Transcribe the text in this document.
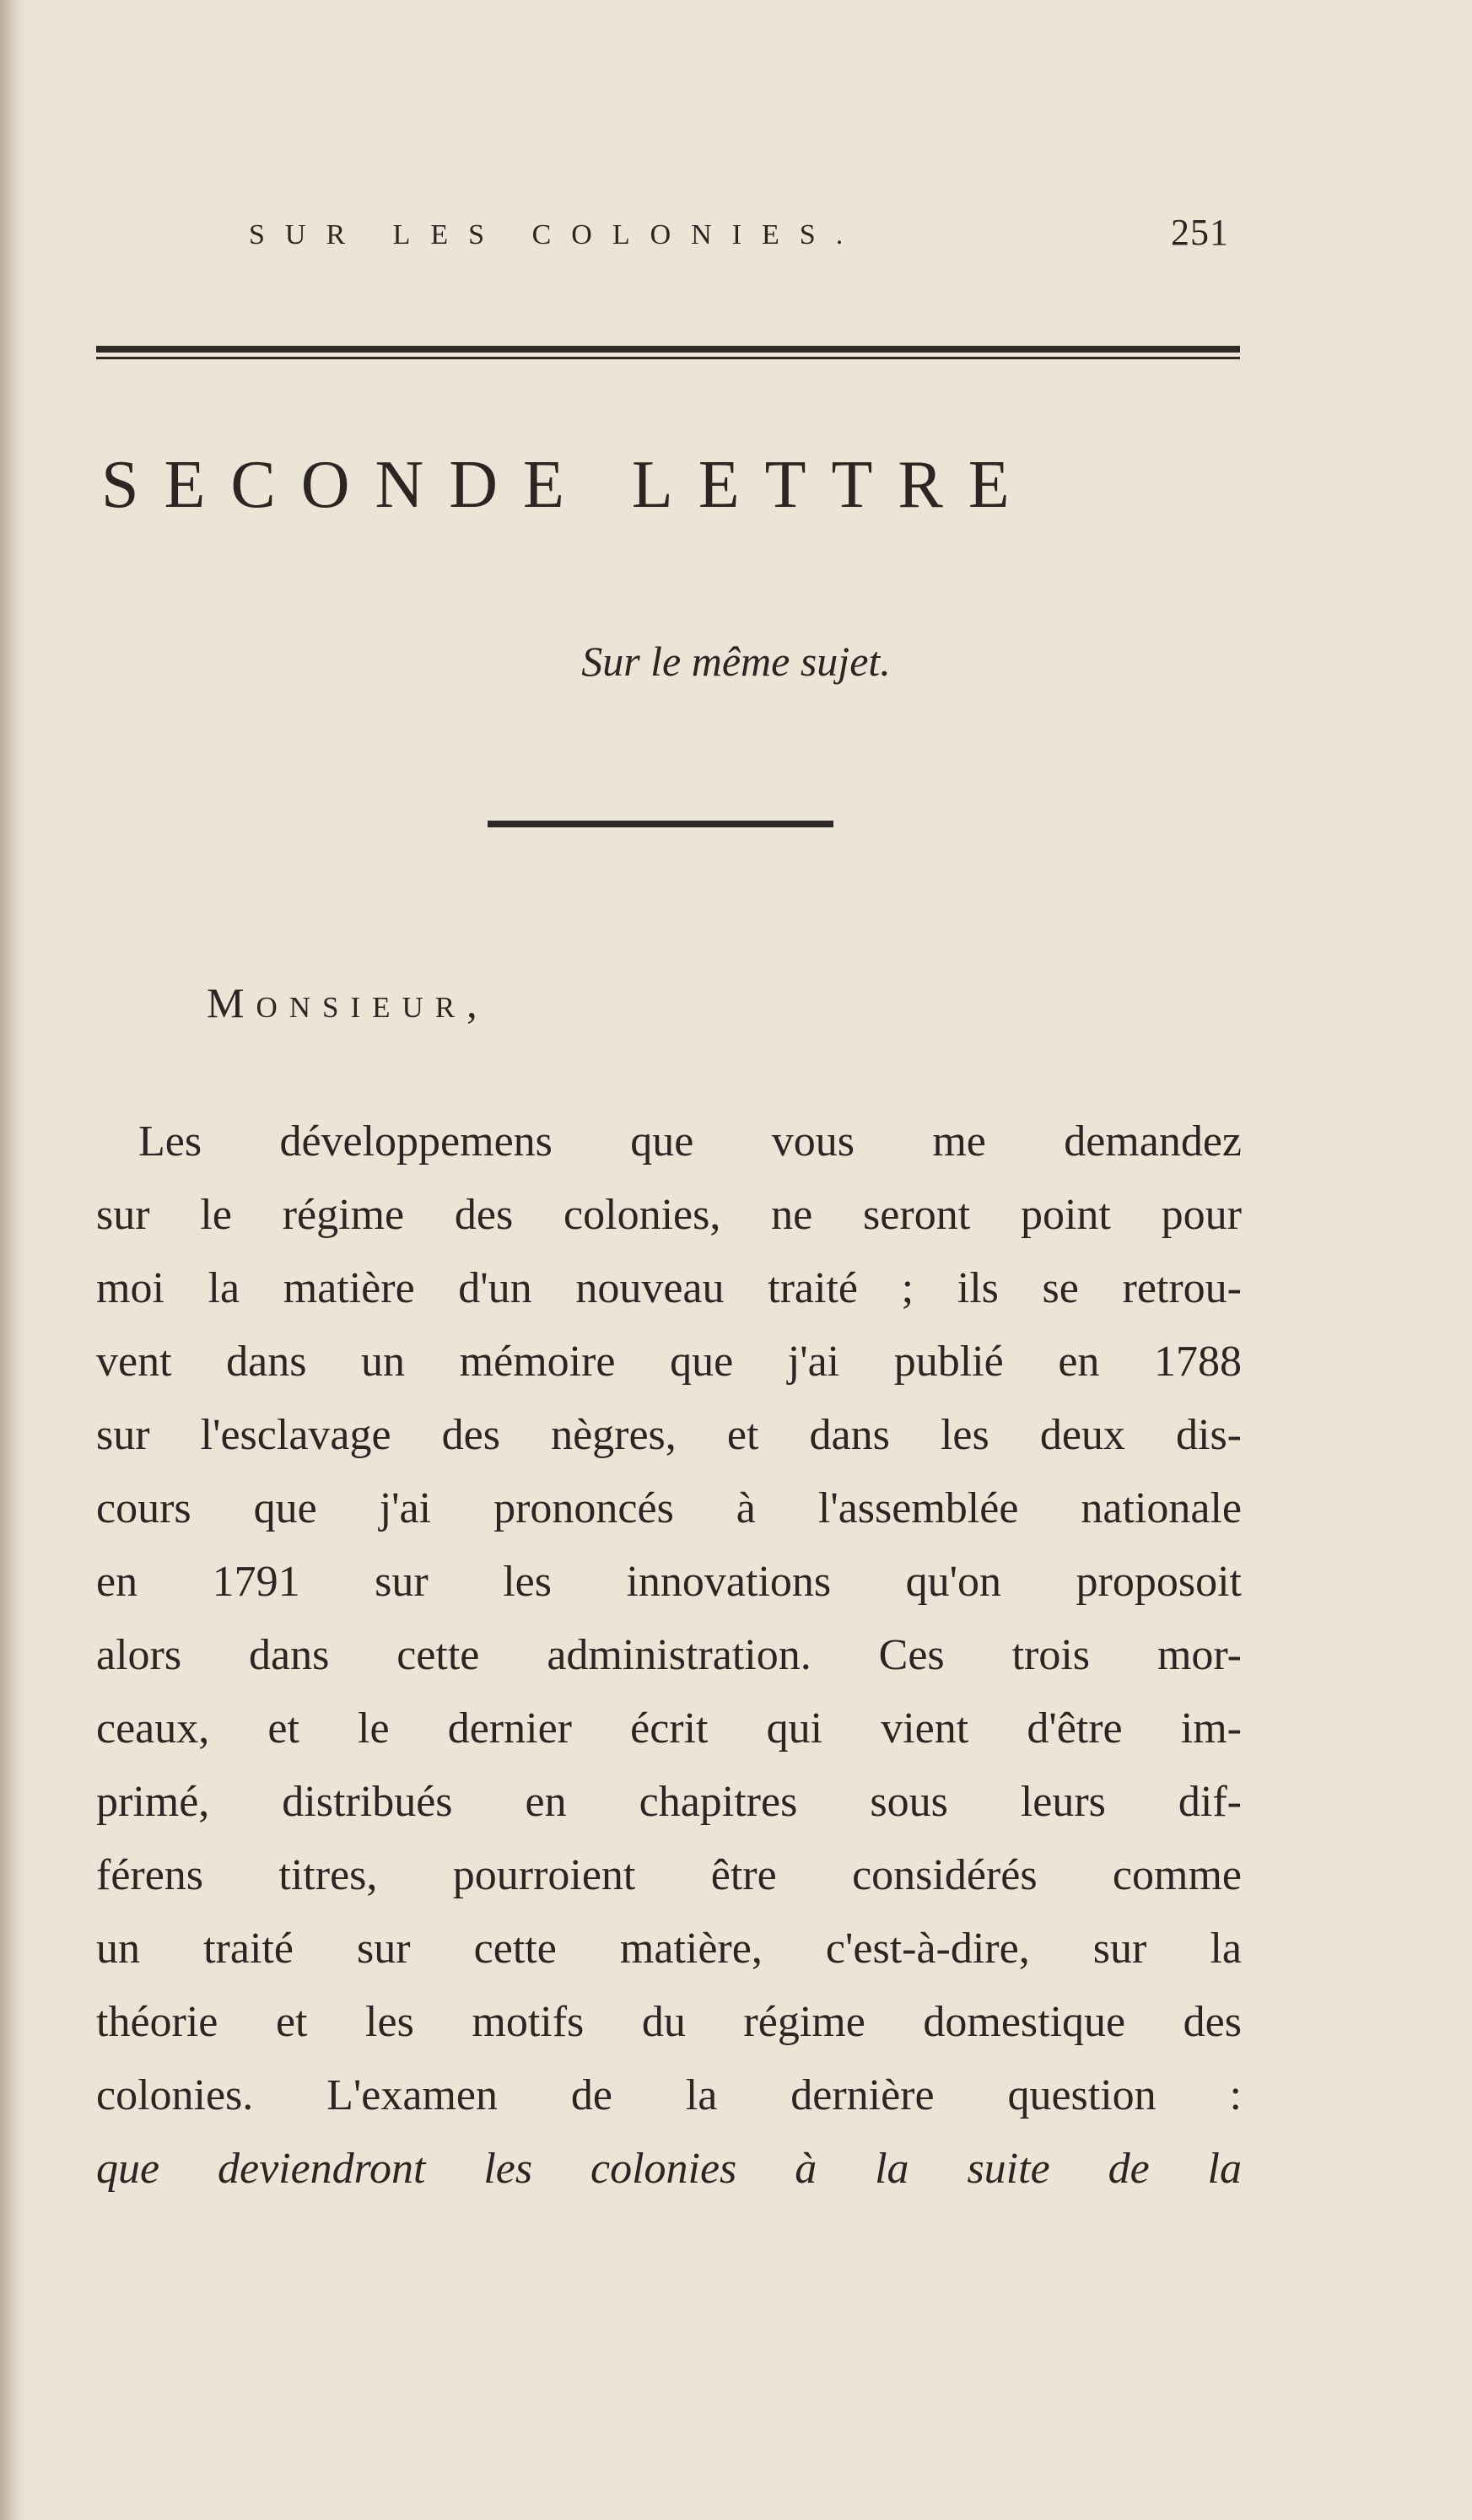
SUR LES COLONIES.	251
SECONDE LETTRE
Sur le même sujet.
Monsieur,
Les développemens que vous me demandez
sur le régime des colonies, ne seront point pour
moi la matière d'un nouveau traité ; ils se retrou-
vent dans un mémoire que j'ai publié en 1788
sur l'esclavage des nègres, et dans les deux dis-
cours que j'ai prononcés à l'assemblée nationale
en 1791 sur les innovations qu'on proposoit
alors dans cette administration. Ces trois mor-
ceaux, et le dernier écrit qui vient d'être im-
primé, distribués en chapitres sous leurs dif-
férens titres, pourroient être considérés comme
un traité sur cette matière, c'est-à-dire, sur la
théorie et les motifs du régime domestique des
colonies. L'examen de la dernière question :
que deviendront les colonies à la suite de la
